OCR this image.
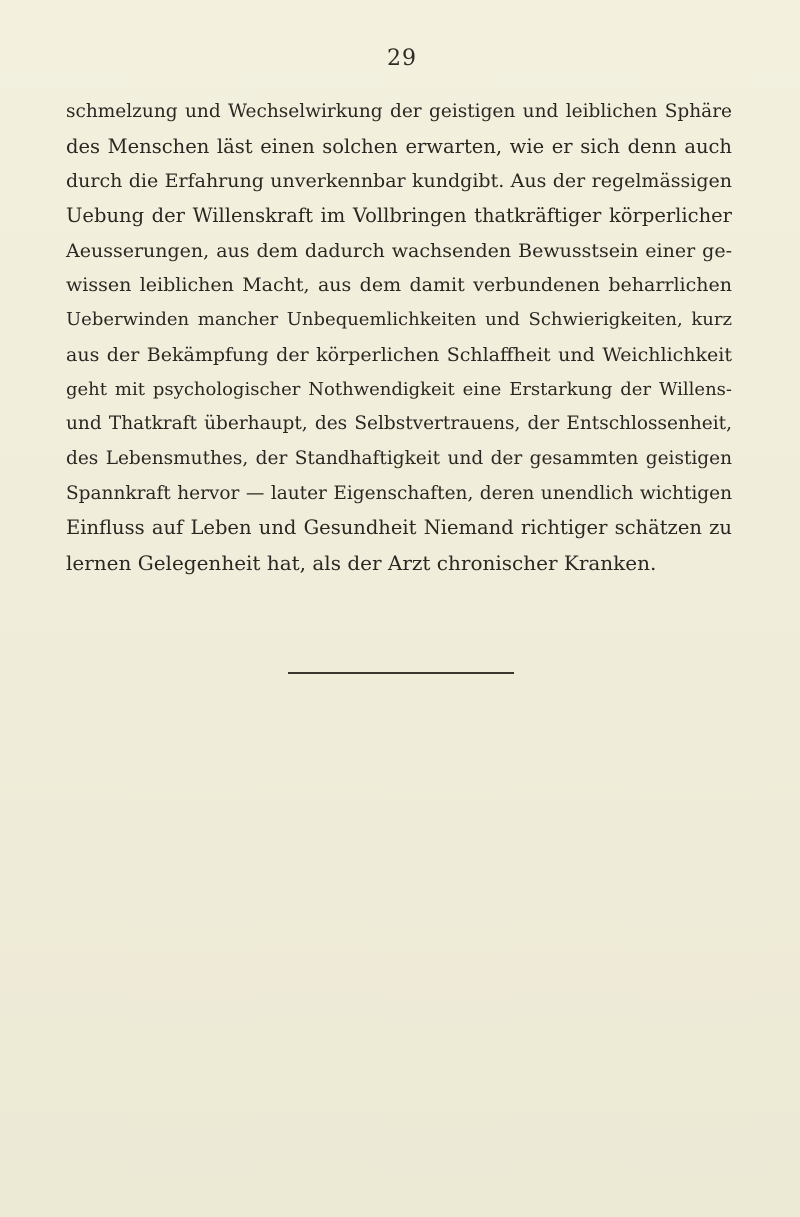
29
schmelzung und Wechselwirkung der geistigen und leiblichen Sphäre
des Menschen läst einen solchen erwarten, wie er sich denn auch
durch die Erfahrung unverkennbar kundgibt. Aus der regelmässigen
Uebung der Willenskraft im Vollbringen thatkräftiger körperlicher
Aeusserungen, aus dem dadurch wachsenden Bewusstsein einer ge-
wissen leiblichen Macht, aus dem damit verbundenen beharrlichen
Ueberwinden mancher Unbequemlichkeiten und Schwierigkeiten, kurz
aus der Bekämpfung der körperlichen Schlaffheit und Weichlichkeit
geht mit psychologischer Nothwendigkeit eine Erstarkung der Willens-
und Thatkraft überhaupt, des Selbstvertrauens, der Entschlossenheit,
des Lebensmuthes, der Standhaftigkeit und der gesammten geistigen
Spannkraft hervor — lauter Eigenschaften, deren unendlich wichtigen
Einfluss auf Leben und Gesundheit Niemand richtiger schätzen zu
lernen Gelegenheit hat, als der Arzt chronischer Kranken.
